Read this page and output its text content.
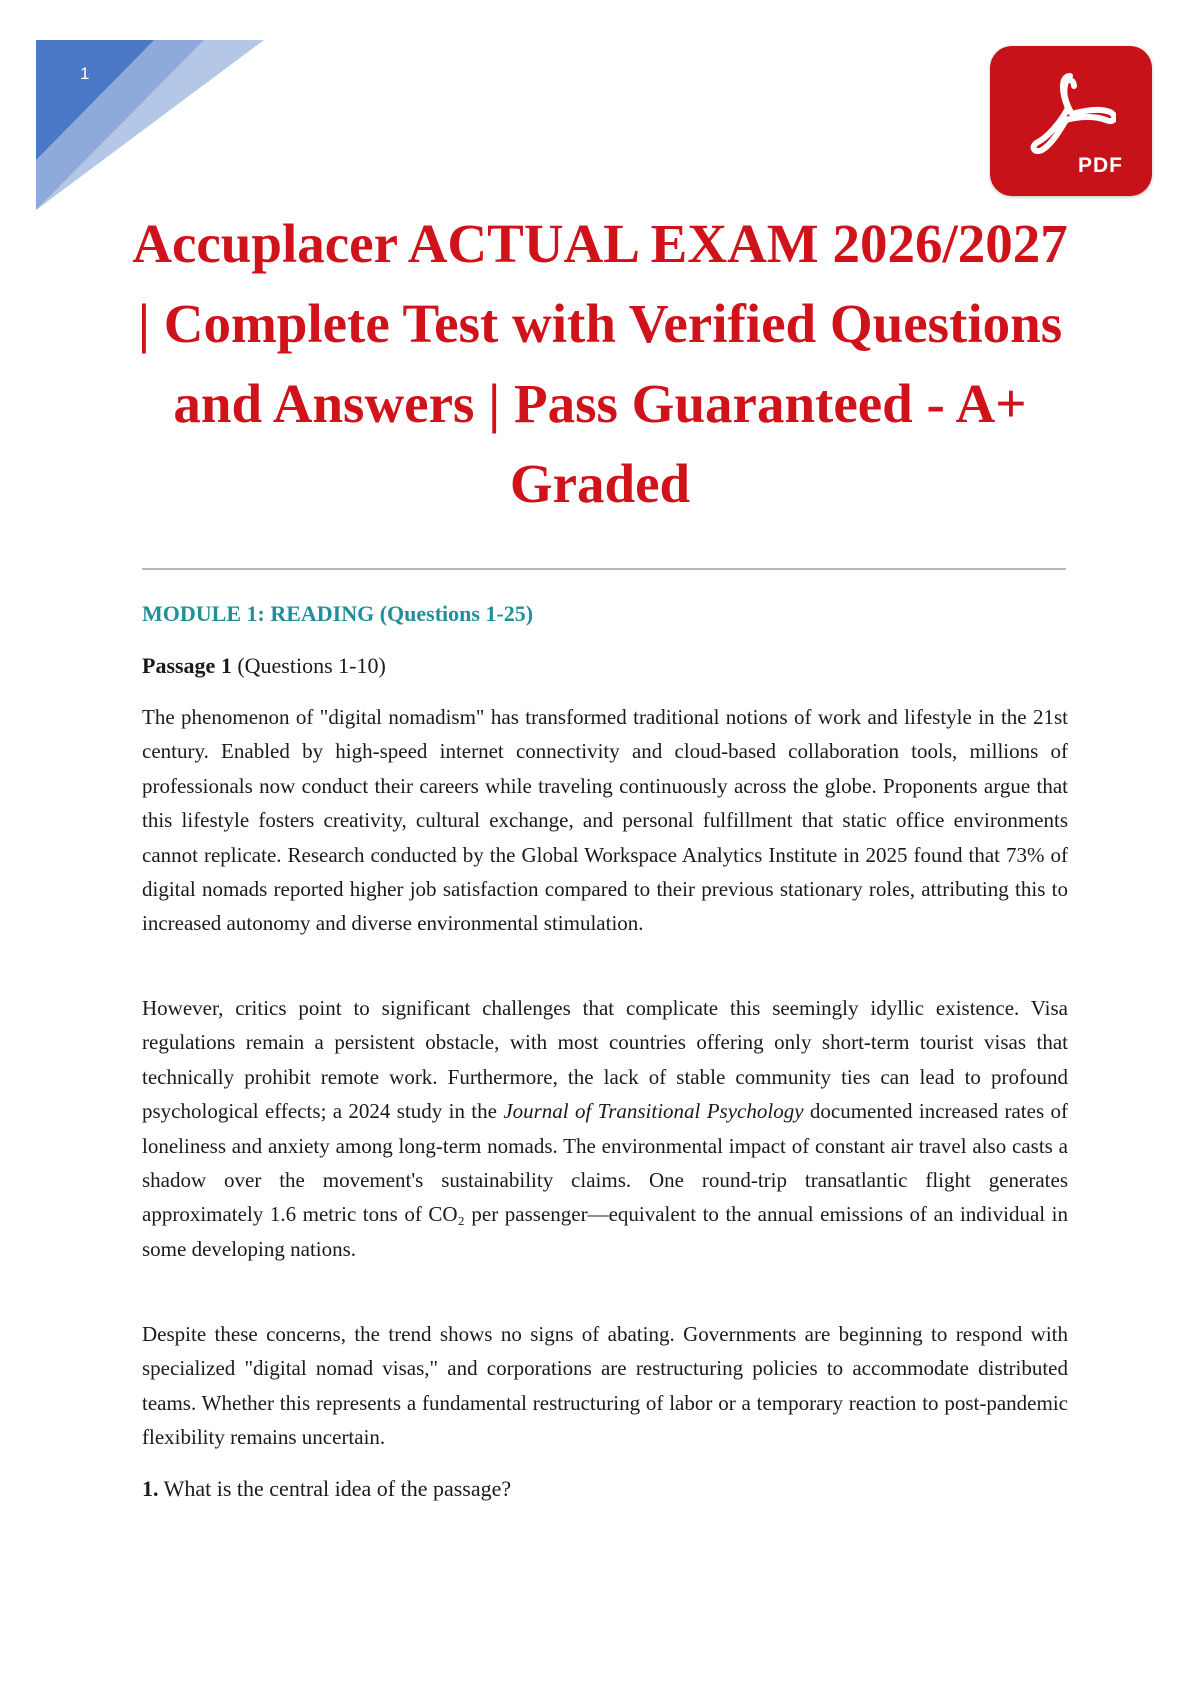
1
PDF
Accuplacer ACTUAL EXAM 2026/2027 | Complete Test with Verified Questions and Answers | Pass Guaranteed - A+ Graded
MODULE 1: READING (Questions 1-25)
Passage 1 (Questions 1-10)

The phenomenon of "digital nomadism" has transformed traditional notions of work and lifestyle in the 21st century. Enabled by high-speed internet connectivity and cloud-based collaboration tools, millions of professionals now conduct their careers while traveling continuously across the globe. Proponents argue that this lifestyle fosters creativity, cultural exchange, and personal fulfillment that static office environments cannot replicate. Research conducted by the Global Workspace Analytics Institute in 2025 found that 73% of digital nomads reported higher job satisfaction compared to their previous stationary roles, attributing this to increased autonomy and diverse environmental stimulation.

However, critics point to significant challenges that complicate this seemingly idyllic existence. Visa regulations remain a persistent obstacle, with most countries offering only short-term tourist visas that technically prohibit remote work. Furthermore, the lack of stable community ties can lead to profound psychological effects; a 2024 study in the Journal of Transitional Psychology documented increased rates of loneliness and anxiety among long-term nomads. The environmental impact of constant air travel also casts a shadow over the movement's sustainability claims. One round-trip transatlantic flight generates approximately 1.6 metric tons of CO₂ per passenger—equivalent to the annual emissions of an individual in some developing nations.

Despite these concerns, the trend shows no signs of abating. Governments are beginning to respond with specialized "digital nomad visas," and corporations are restructuring policies to accommodate distributed teams. Whether this represents a fundamental restructuring of labor or a temporary reaction to post-pandemic flexibility remains uncertain.

1. What is the central idea of the passage?
